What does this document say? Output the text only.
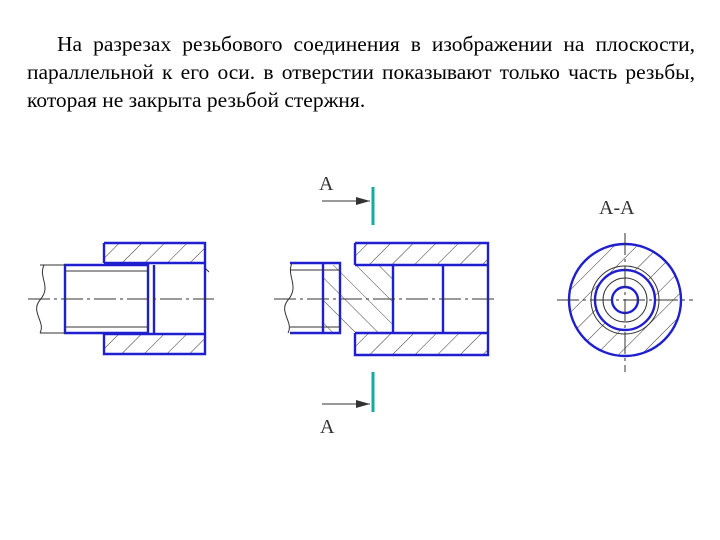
На разрезах резьбового соединения в изображении на плоскости, параллельной к его оси. в отверстии показывают только часть резьбы, которая не закрыта резьбой стержня.

А
А
А-А
